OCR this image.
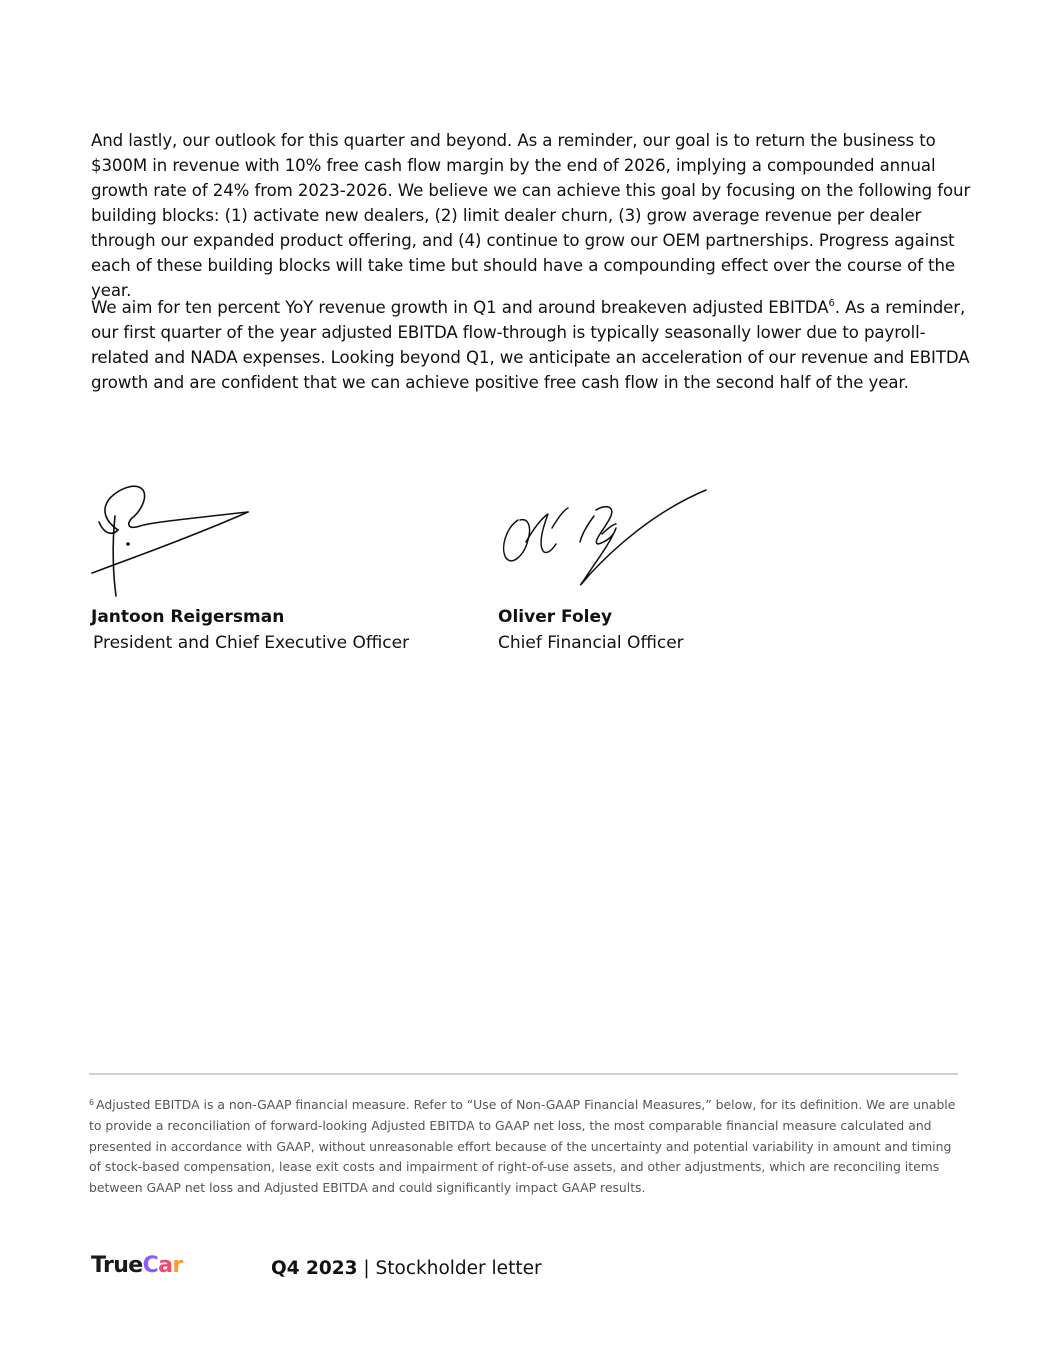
And lastly, our outlook for this quarter and beyond. As a reminder, our goal is to return the business to $300M in revenue with 10% free cash flow margin by the end of 2026, implying a compounded annual growth rate of 24% from 2023-2026. We believe we can achieve this goal by focusing on the following four building blocks: (1) activate new dealers, (2) limit dealer churn, (3) grow average revenue per dealer through our expanded product offering, and (4) continue to grow our OEM partnerships. Progress against each of these building blocks will take time but should have a compounding effect over the course of the year.

We aim for ten percent YoY revenue growth in Q1 and around breakeven adjusted EBITDA$^6$. As a reminder, our first quarter of the year adjusted EBITDA flow-through is typically seasonally lower due to payroll-related and NADA expenses. Looking beyond Q1, we anticipate an acceleration of our revenue and EBITDA growth and are confident that we can achieve positive free cash flow in the second half of the year.

Jantoon Reigersman
President and Chief Executive Officer
Oliver Foley
Chief Financial Officer

$^6$ Adjusted EBITDA is a non-GAAP financial measure. Refer to “Use of Non-GAAP Financial Measures,” below, for its definition. We are unable to provide a reconciliation of forward-looking Adjusted EBITDA to GAAP net loss, the most comparable financial measure calculated and presented in accordance with GAAP, without unreasonable effort because of the uncertainty and potential variability in amount and timing of stock-based compensation, lease exit costs and impairment of right-of-use assets, and other adjustments, which are reconciling items between GAAP net loss and Adjusted EBITDA and could significantly impact GAAP results.

TrueCar	Q4 2023 | Stockholder letter
